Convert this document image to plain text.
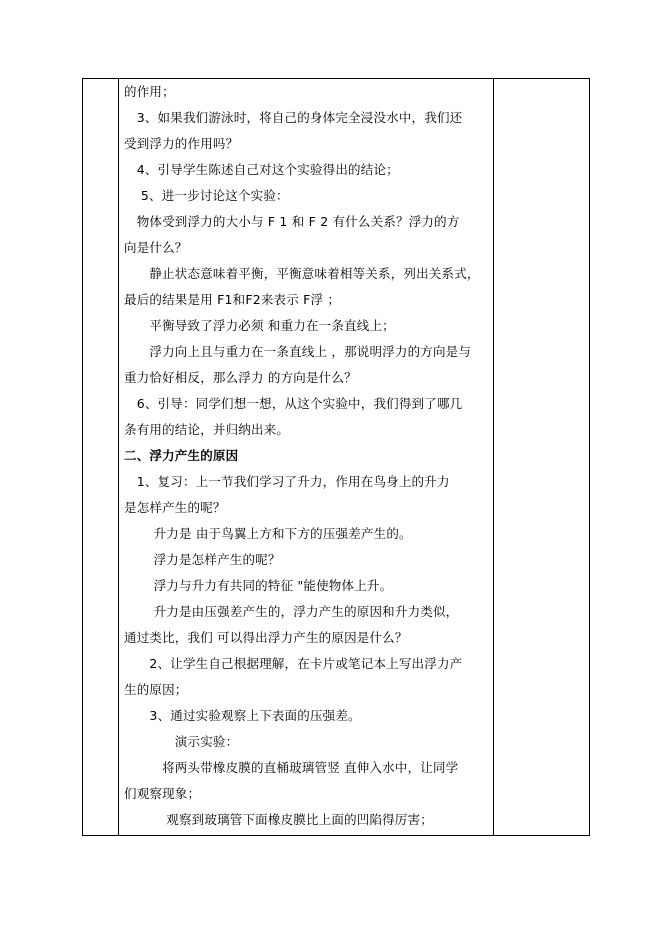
的作用；
　3、如果我们游泳时，将自己的身体完全浸没水中，我们还
受到浮力的作用吗？
　4、引导学生陈述自己对这个实验得出的结论；
　 5、进一步讨论这个实验：
　物体受到浮力的大小与 F 1 和 F 2 有什么关系？浮力的方
向是什么？
　　静止状态意味着平衡，平衡意味着相等关系，列出关系式，
最后的结果是用 F1和F2来表示 F浮 ；
　　平衡导致了浮力必须 和重力在一条直线上；
　　浮力向上且与重力在一条直线上 ，那说明浮力的方向是与
重力恰好相反，那么浮力 的方向是什么？
　6、引导：同学们想一想，从这个实验中，我们得到了哪几
条有用的结论，并归纳出来。
二、浮力产生的原因
　1、复习：上一节我们学习了升力，作用在鸟身上的升力
是怎样产生的呢？
　　 升力是 由于鸟翼上方和下方的压强差产生的。
　　 浮力是怎样产生的呢？
　　 浮力与升力有共同的特征 "能使物体上升。
　　 升力是由压强差产生的，浮力产生的原因和升力类似，
通过类比，我们 可以得出浮力产生的原因是什么？
　　2、让学生自己根据理解，在卡片或笔记本上写出浮力产
生的原因；
　　3、通过实验观察上下表面的压强差。
　　　　演示实验：
　　　将两头带橡皮膜的直桶玻璃管竖 直伸入水中，让同学
们观察现象；
　　　 观察到玻璃管下面橡皮膜比上面的凹陷得厉害；
